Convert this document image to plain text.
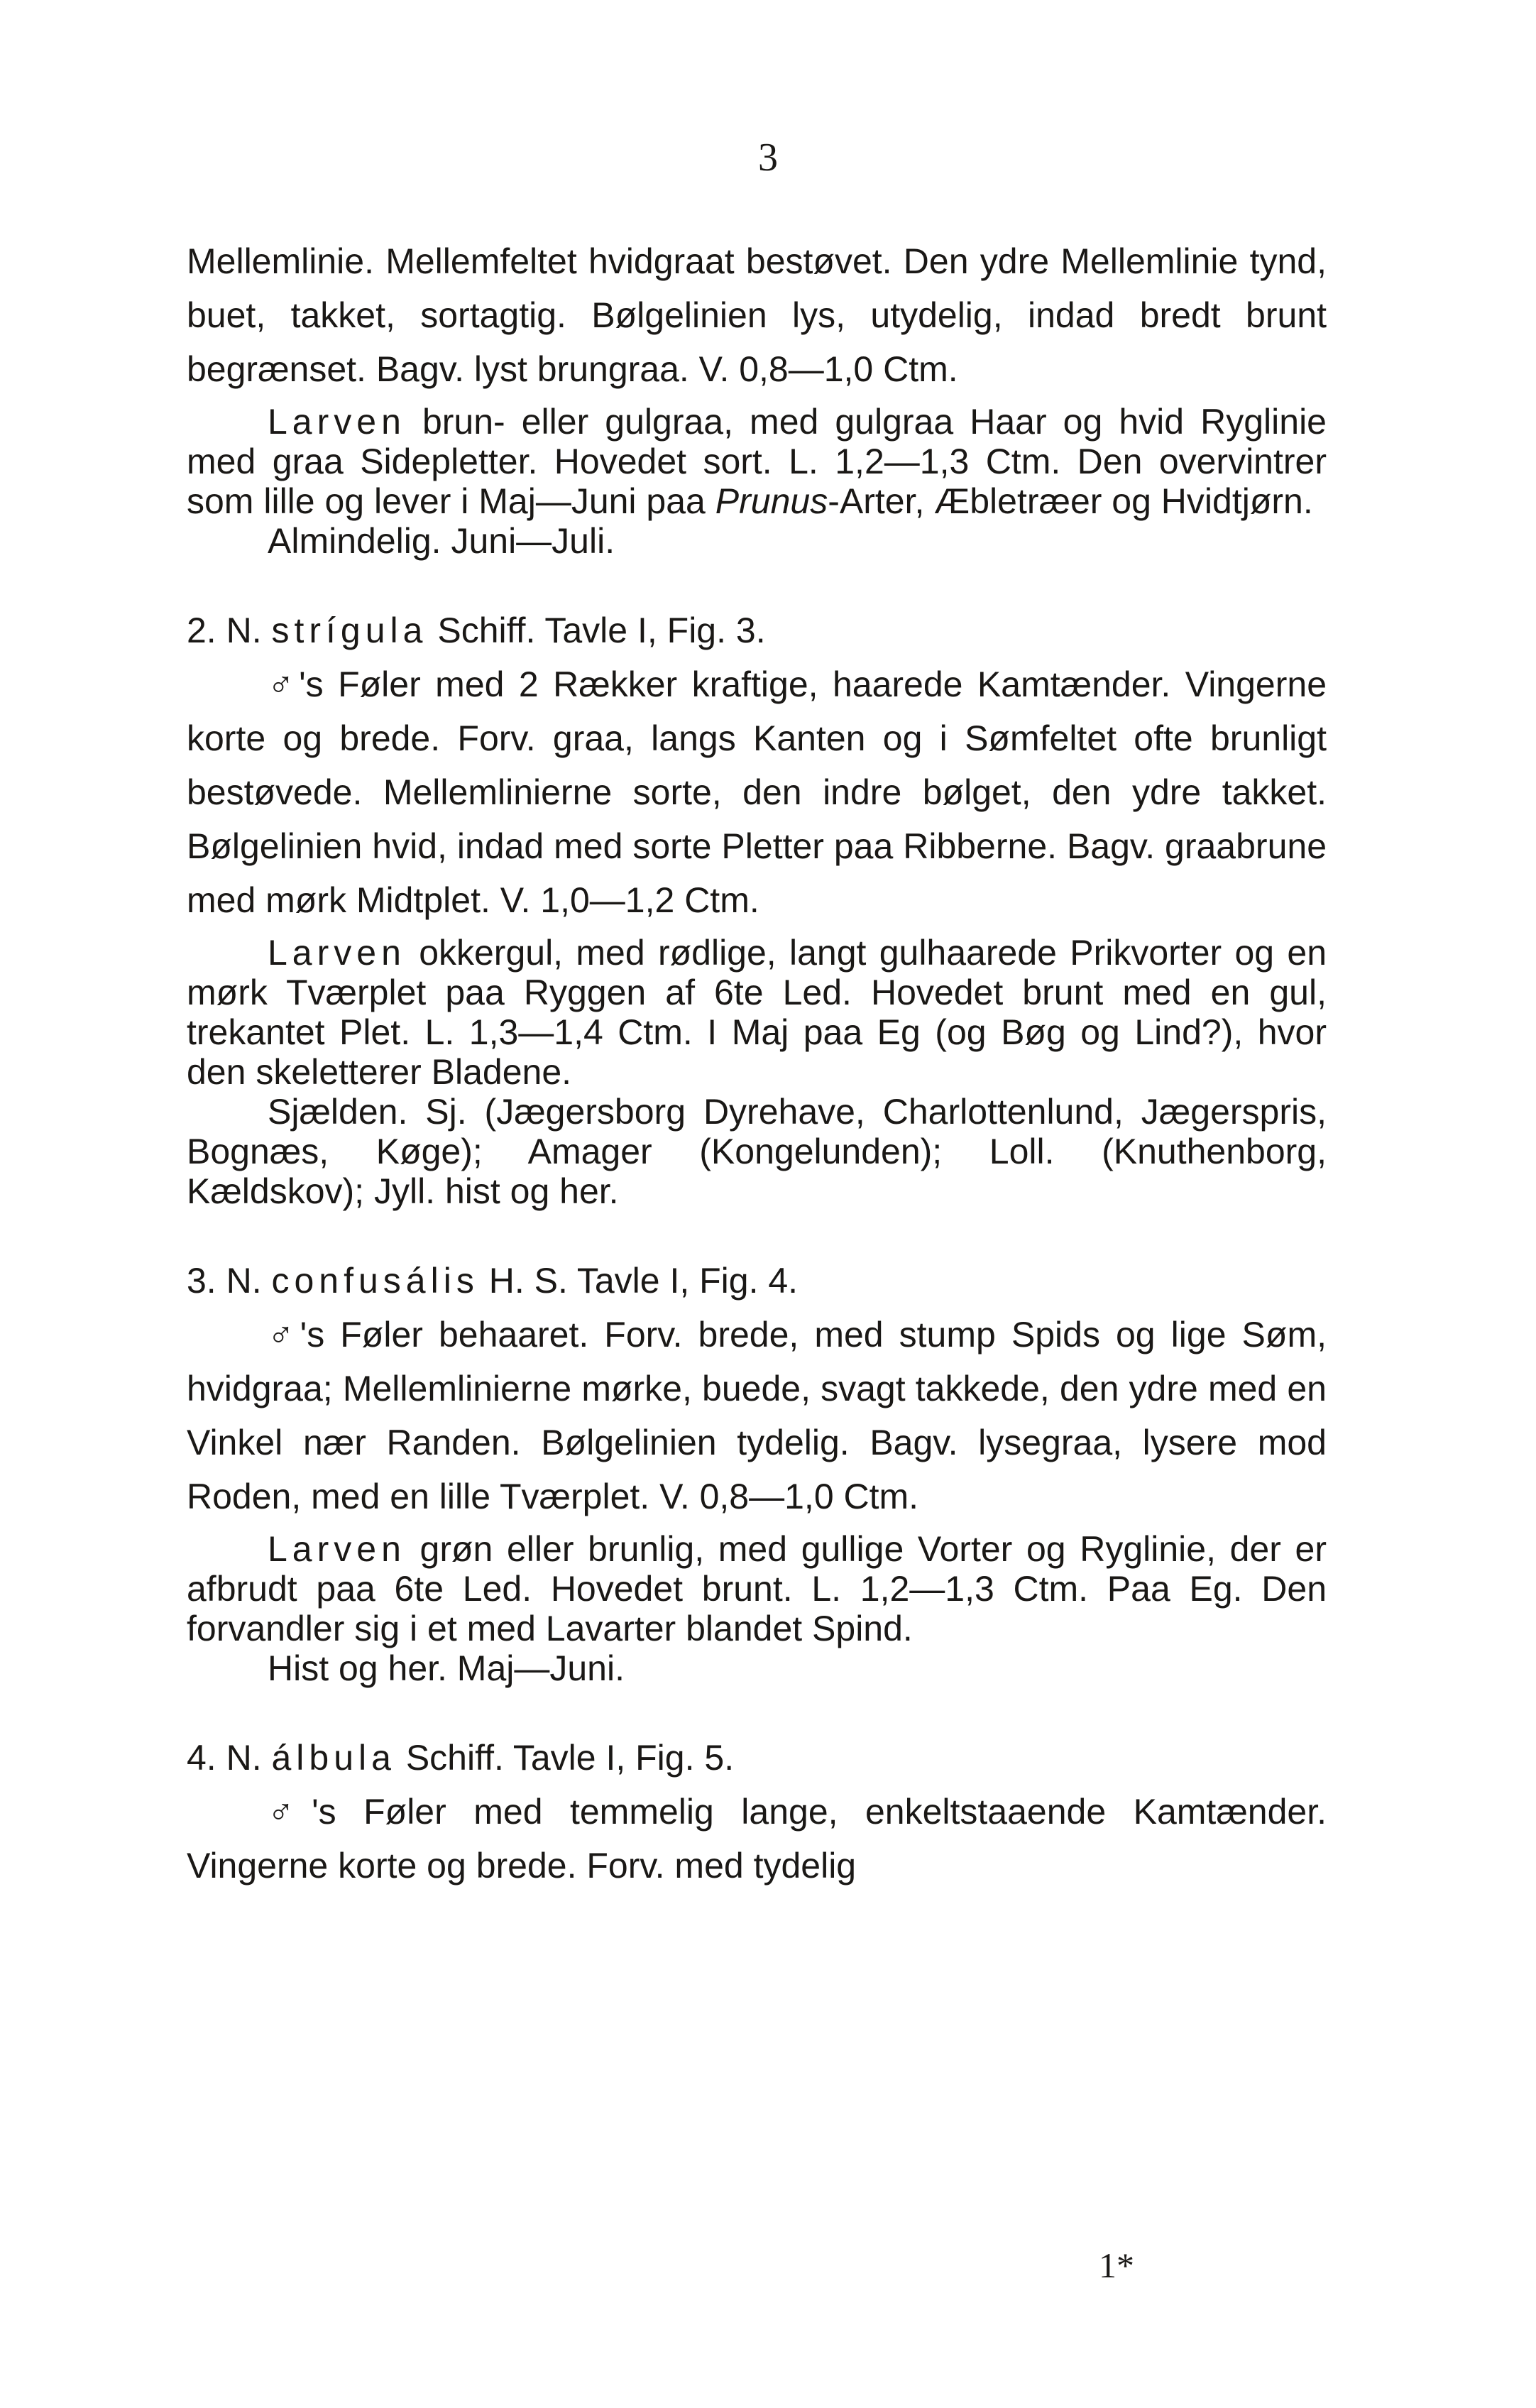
3

Mellemlinie. Mellemfeltet hvidgraat bestøvet. Den ydre Mellemlinie tynd, buet, takket, sortagtig. Bølgelinien lys, utydelig, indad bredt brunt begrænset. Bagv. lyst brungraa. V. 0,8—1,0 Ctm.

Larven brun- eller gulgraa, med gulgraa Haar og hvid Ryglinie med graa Sidepletter. Hovedet sort. L. 1,2—1,3 Ctm. Den overvintrer som lille og lever i Maj—Juni paa Prunus-Arter, Æbletræer og Hvidtjørn.

Almindelig. Juni—Juli.

2. N. strígula Schiff. Tavle I, Fig. 3.

♂'s Føler med 2 Rækker kraftige, haarede Kamtænder. Vingerne korte og brede. Forv. graa, langs Kanten og i Sømfeltet ofte brunligt bestøvede. Mellemlinierne sorte, den indre bølget, den ydre takket. Bølgelinien hvid, indad med sorte Pletter paa Ribberne. Bagv. graabrune med mørk Midtplet. V. 1,0—1,2 Ctm.

Larven okkergul, med rødlige, langt gulhaarede Prikvorter og en mørk Tværplet paa Ryggen af 6te Led. Hovedet brunt med en gul, trekantet Plet. L. 1,3—1,4 Ctm. I Maj paa Eg (og Bøg og Lind?), hvor den skeletterer Bladene.

Sjælden. Sj. (Jægersborg Dyrehave, Charlottenlund, Jægerspris, Bognæs, Køge); Amager (Kongelunden); Loll. (Knuthenborg, Kældskov); Jyll. hist og her.

3. N. confusális H. S. Tavle I, Fig. 4.

♂'s Føler behaaret. Forv. brede, med stump Spids og lige Søm, hvidgraa; Mellemlinierne mørke, buede, svagt takkede, den ydre med en Vinkel nær Randen. Bølgelinien tydelig. Bagv. lysegraa, lysere mod Roden, med en lille Tværplet. V. 0,8—1,0 Ctm.

Larven grøn eller brunlig, med gullige Vorter og Ryglinie, der er afbrudt paa 6te Led. Hovedet brunt. L. 1,2—1,3 Ctm. Paa Eg. Den forvandler sig i et med Lavarter blandet Spind.

Hist og her. Maj—Juni.

4. N. álbula Schiff. Tavle I, Fig. 5.

♂'s Føler med temmelig lange, enkeltstaaende Kamtænder. Vingerne korte og brede. Forv. med tydelig

1*
